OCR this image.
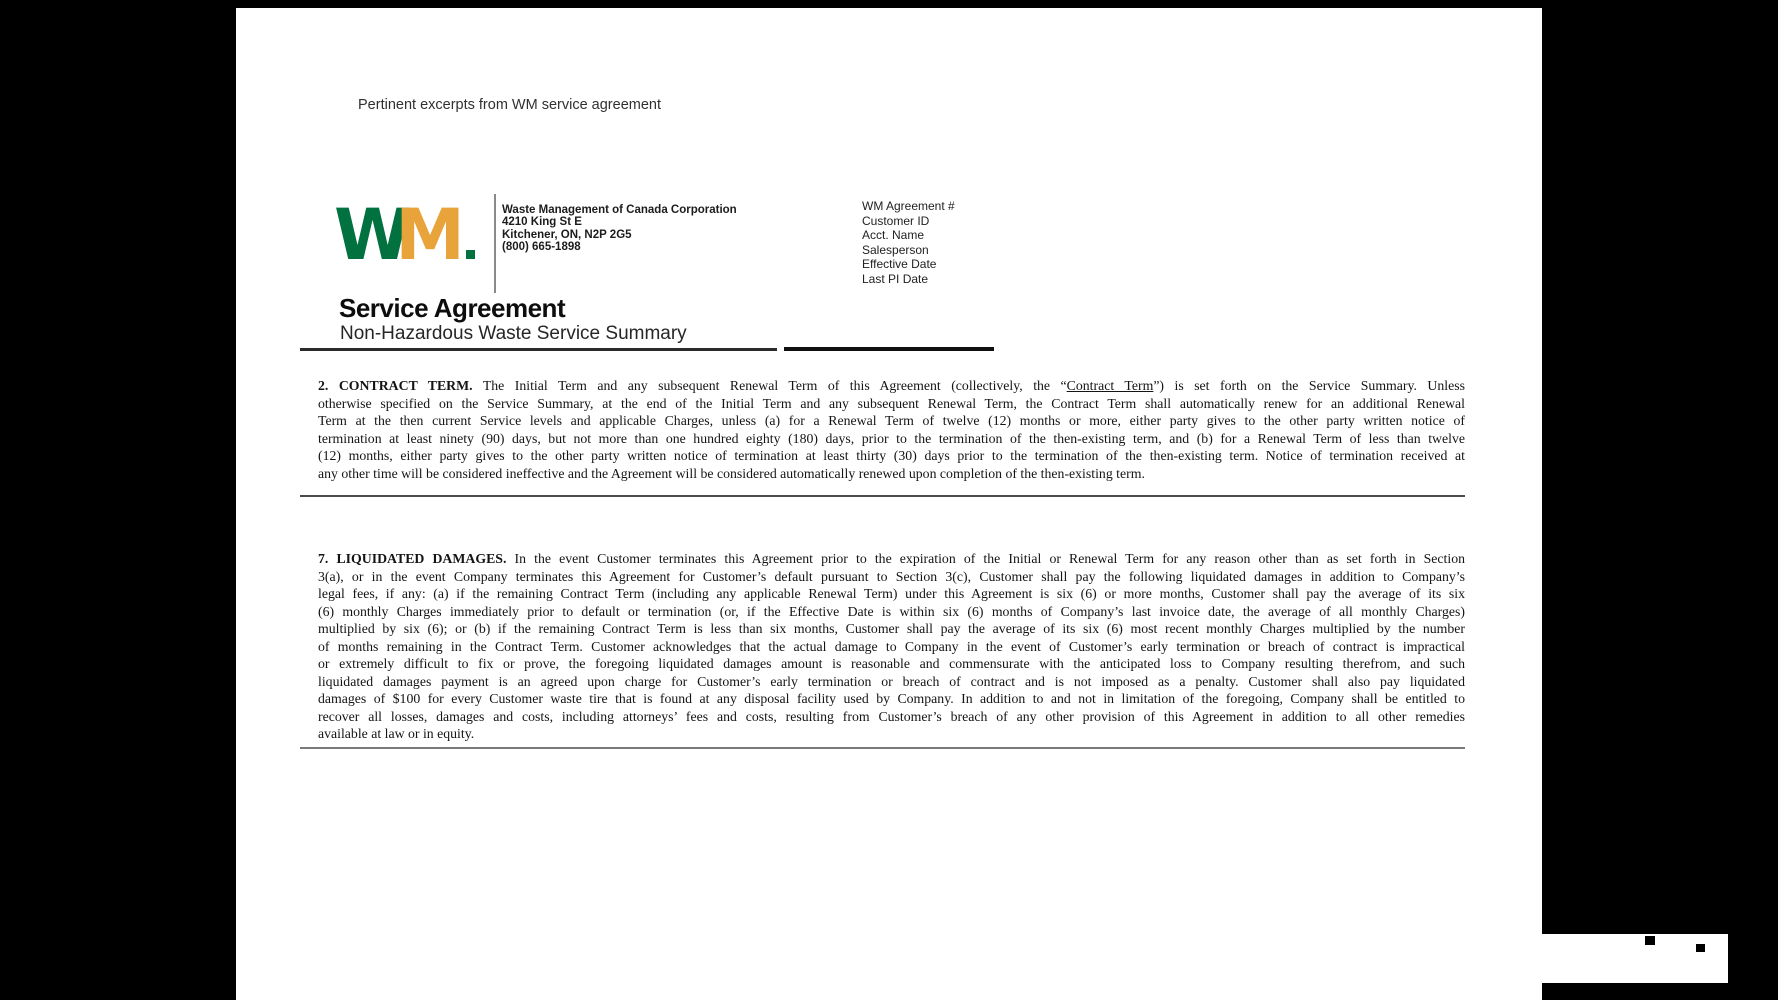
Pertinent excerpts from WM service agreement
WM	Waste Management of Canada Corporation
4210 King St E
Kitchener, ON, N2P 2G5
(800) 665-1898
WM Agreement #
Customer ID
Acct. Name
Salesperson
Effective Date
Last PI Date
Service Agreement
Non-Hazardous Waste Service Summary
2. CONTRACT TERM. The Initial Term and any subsequent Renewal Term of this Agreement (collectively, the “Contract Term”) is set forth on the Service Summary. Unless
otherwise specified on the Service Summary, at the end of the Initial Term and any subsequent Renewal Term, the Contract Term shall automatically renew for an additional Renewal
Term at the then current Service levels and applicable Charges, unless (a) for a Renewal Term of twelve (12) months or more, either party gives to the other party written notice of
termination at least ninety (90) days, but not more than one hundred eighty (180) days, prior to the termination of the then-existing term, and (b) for a Renewal Term of less than twelve
(12) months, either party gives to the other party written notice of termination at least thirty (30) days prior to the termination of the then-existing term. Notice of termination received at
any other time will be considered ineffective and the Agreement will be considered automatically renewed upon completion of the then-existing term.
7. LIQUIDATED DAMAGES. In the event Customer terminates this Agreement prior to the expiration of the Initial or Renewal Term for any reason other than as set forth in Section
3(a), or in the event Company terminates this Agreement for Customer’s default pursuant to Section 3(c), Customer shall pay the following liquidated damages in addition to Company’s
legal fees, if any: (a) if the remaining Contract Term (including any applicable Renewal Term) under this Agreement is six (6) or more months, Customer shall pay the average of its six
(6) monthly Charges immediately prior to default or termination (or, if the Effective Date is within six (6) months of Company’s last invoice date, the average of all monthly Charges)
multiplied by six (6); or (b) if the remaining Contract Term is less than six months, Customer shall pay the average of its six (6) most recent monthly Charges multiplied by the number
of months remaining in the Contract Term. Customer acknowledges that the actual damage to Company in the event of Customer’s early termination or breach of contract is impractical
or extremely difficult to fix or prove, the foregoing liquidated damages amount is reasonable and commensurate with the anticipated loss to Company resulting therefrom, and such
liquidated damages payment is an agreed upon charge for Customer’s early termination or breach of contract and is not imposed as a penalty. Customer shall also pay liquidated
damages of $100 for every Customer waste tire that is found at any disposal facility used by Company. In addition to and not in limitation of the foregoing, Company shall be entitled to
recover all losses, damages and costs, including attorneys’ fees and costs, resulting from Customer’s breach of any other provision of this Agreement in addition to all other remedies
available at law or in equity.
